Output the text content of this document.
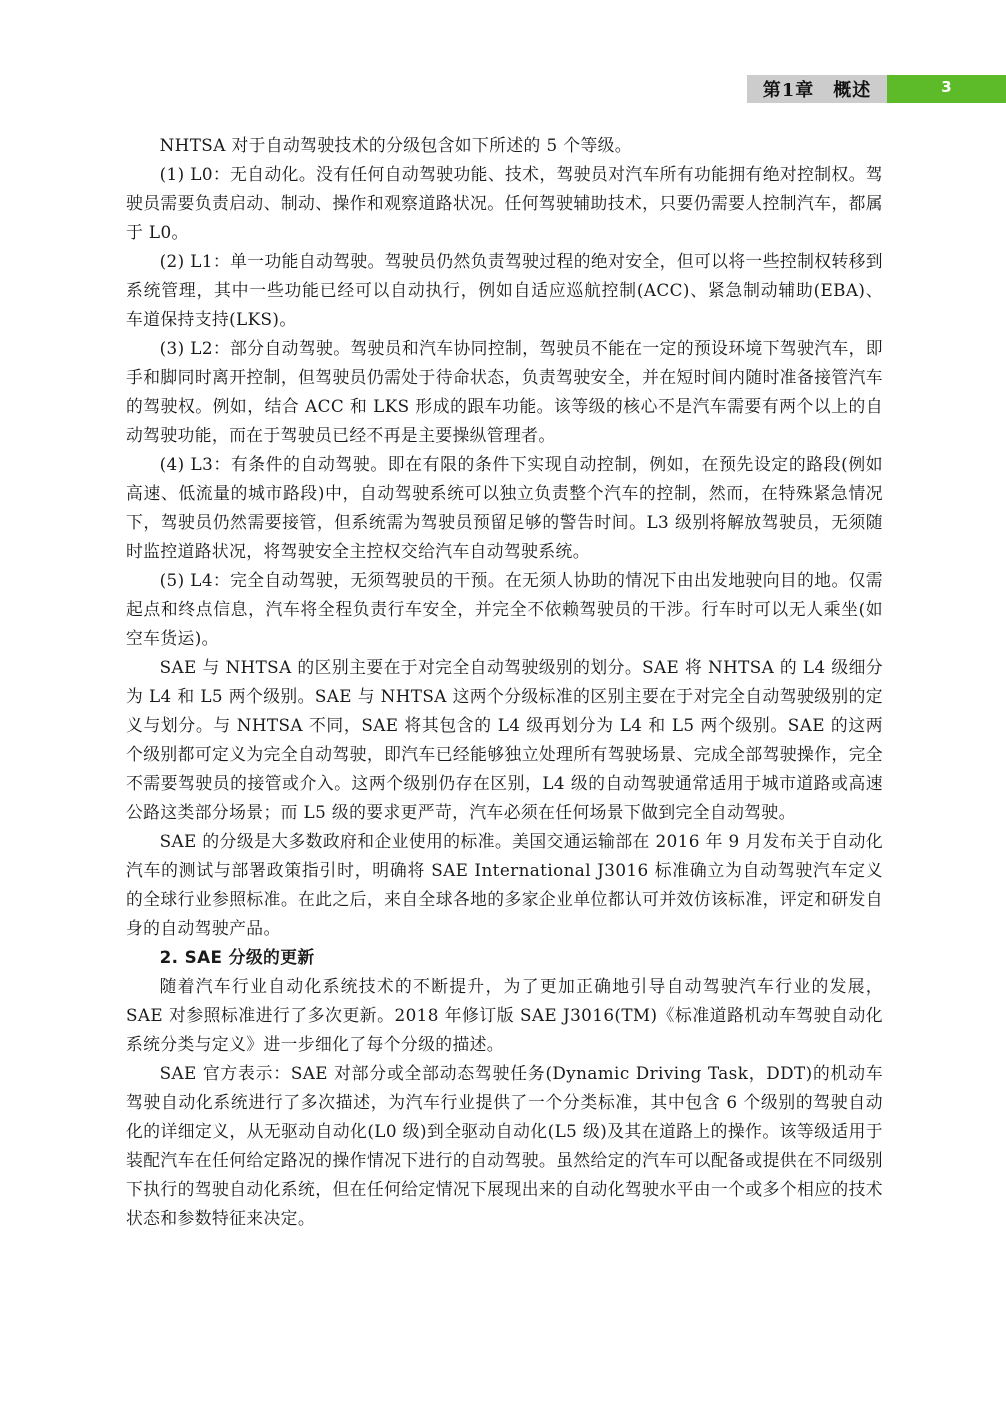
第1章　概述	3

NHTSA 对于自动驾驶技术的分级包含如下所述的 5 个等级。

(1) L0：无自动化。没有任何自动驾驶功能、技术，驾驶员对汽车所有功能拥有绝对控制权。驾驶员需要负责启动、制动、操作和观察道路状况。任何驾驶辅助技术，只要仍需要人控制汽车，都属于 L0。

(2) L1：单一功能自动驾驶。驾驶员仍然负责驾驶过程的绝对安全，但可以将一些控制权转移到系统管理，其中一些功能已经可以自动执行，例如自适应巡航控制(ACC)、紧急制动辅助(EBA)、车道保持支持(LKS)。

(3) L2：部分自动驾驶。驾驶员和汽车协同控制，驾驶员不能在一定的预设环境下驾驶汽车，即手和脚同时离开控制，但驾驶员仍需处于待命状态，负责驾驶安全，并在短时间内随时准备接管汽车的驾驶权。例如，结合 ACC 和 LKS 形成的跟车功能。该等级的核心不是汽车需要有两个以上的自动驾驶功能，而在于驾驶员已经不再是主要操纵管理者。

(4) L3：有条件的自动驾驶。即在有限的条件下实现自动控制，例如，在预先设定的路段(例如高速、低流量的城市路段)中，自动驾驶系统可以独立负责整个汽车的控制，然而，在特殊紧急情况下，驾驶员仍然需要接管，但系统需为驾驶员预留足够的警告时间。L3 级别将解放驾驶员，无须随时监控道路状况，将驾驶安全主控权交给汽车自动驾驶系统。

(5) L4：完全自动驾驶，无须驾驶员的干预。在无须人协助的情况下由出发地驶向目的地。仅需起点和终点信息，汽车将全程负责行车安全，并完全不依赖驾驶员的干涉。行车时可以无人乘坐(如空车货运)。

SAE 与 NHTSA 的区别主要在于对完全自动驾驶级别的划分。SAE 将 NHTSA 的 L4 级细分为 L4 和 L5 两个级别。SAE 与 NHTSA 这两个分级标准的区别主要在于对完全自动驾驶级别的定义与划分。与 NHTSA 不同，SAE 将其包含的 L4 级再划分为 L4 和 L5 两个级别。SAE 的这两个级别都可定义为完全自动驾驶，即汽车已经能够独立处理所有驾驶场景、完成全部驾驶操作，完全不需要驾驶员的接管或介入。这两个级别仍存在区别，L4 级的自动驾驶通常适用于城市道路或高速公路这类部分场景；而 L5 级的要求更严苛，汽车必须在任何场景下做到完全自动驾驶。

SAE 的分级是大多数政府和企业使用的标准。美国交通运输部在 2016 年 9 月发布关于自动化汽车的测试与部署政策指引时，明确将 SAE International J3016 标准确立为自动驾驶汽车定义的全球行业参照标准。在此之后，来自全球各地的多家企业单位都认可并效仿该标准，评定和研发自身的自动驾驶产品。

2. SAE 分级的更新

随着汽车行业自动化系统技术的不断提升，为了更加正确地引导自动驾驶汽车行业的发展，SAE 对参照标准进行了多次更新。2018 年修订版 SAE J3016(TM)《标准道路机动车驾驶自动化系统分类与定义》进一步细化了每个分级的描述。

SAE 官方表示：SAE 对部分或全部动态驾驶任务(Dynamic Driving Task，DDT)的机动车驾驶自动化系统进行了多次描述，为汽车行业提供了一个分类标准，其中包含 6 个级别的驾驶自动化的详细定义，从无驱动自动化(L0 级)到全驱动自动化(L5 级)及其在道路上的操作。该等级适用于装配汽车在任何给定路况的操作情况下进行的自动驾驶。虽然给定的汽车可以配备或提供在不同级别下执行的驾驶自动化系统，但在任何给定情况下展现出来的自动化驾驶水平由一个或多个相应的技术状态和参数特征来决定。
